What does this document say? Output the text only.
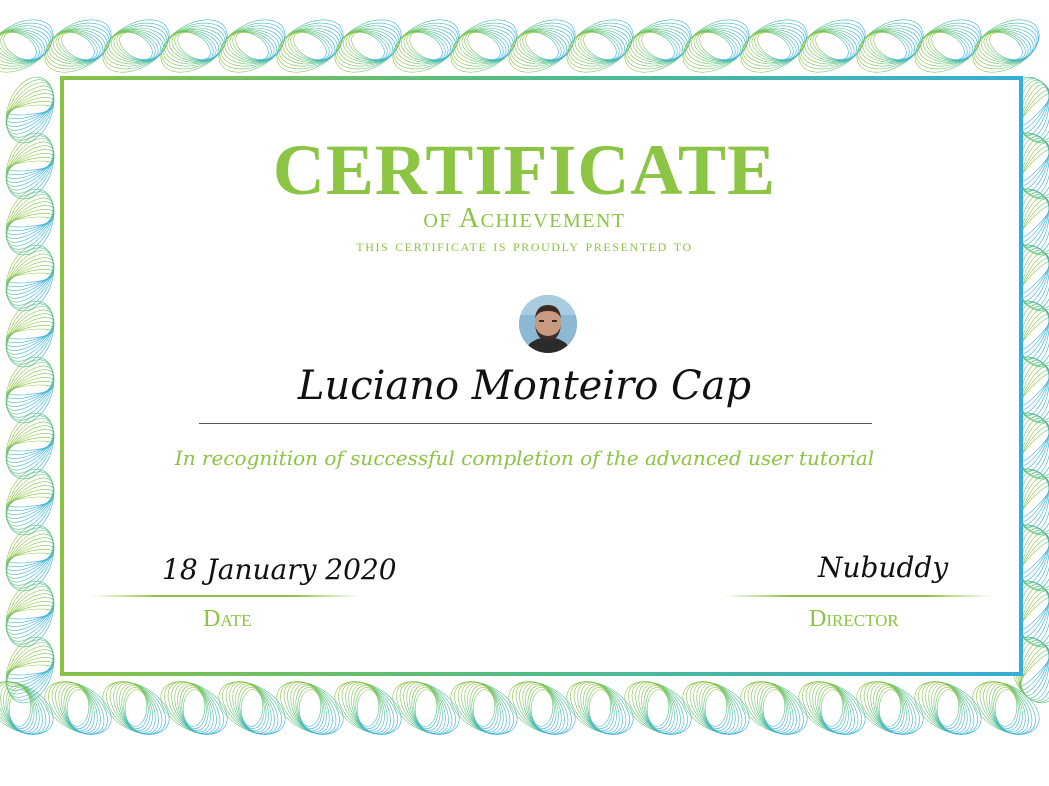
CERTIFICATE
of Achievement
this certificate is proudly presented to
Luciano Monteiro Cap
In recognition of successful completion of the advanced user tutorial
18 January 2020
Date
Nubuddy
Director
